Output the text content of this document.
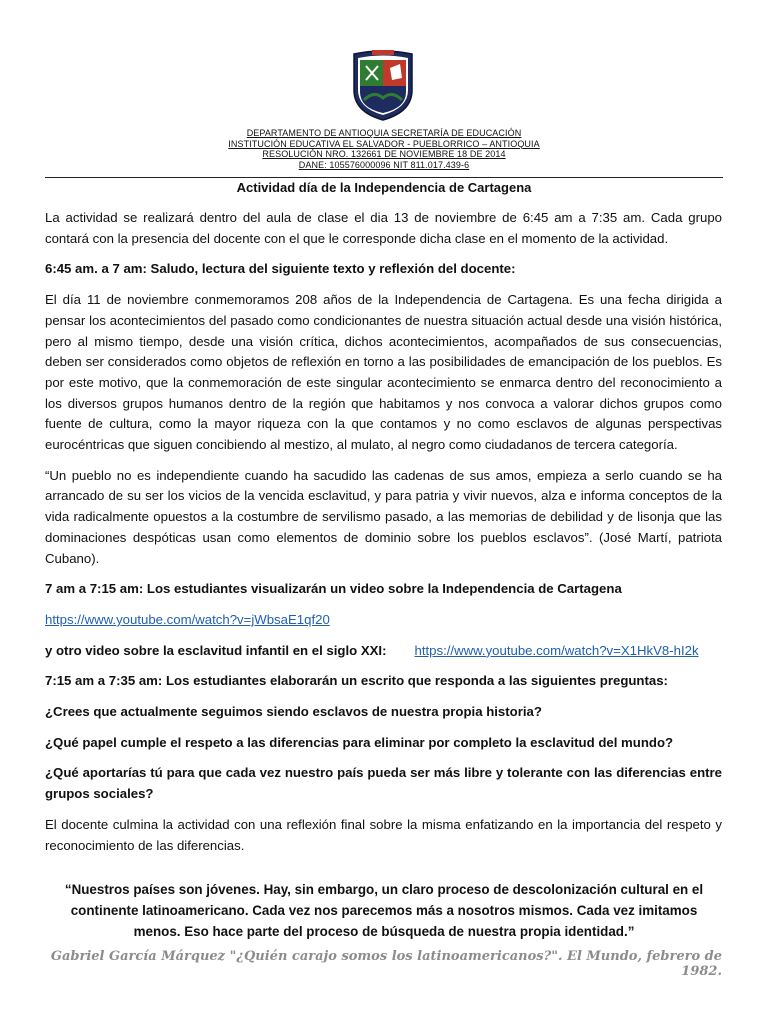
DEPARTAMENTO DE ANTIOQUIA SECRETARÍA DE EDUCACIÓN
INSTITUCIÓN EDUCATIVA EL SALVADOR - PUEBLORRICO – ANTIOQUIA
RESOLUCIÓN NRO. 132661 DE NOVIEMBRE 18 DE 2014
DANE: 105576000096 NIT 811.017.439-6
Actividad día de la Independencia de Cartagena

La actividad se realizará dentro del aula de clase el dia 13 de noviembre de 6:45 am a 7:35 am. Cada grupo contará con la presencia del docente con el que le corresponde dicha clase en el momento de la actividad.

6:45 am. a 7 am: Saludo, lectura del siguiente texto y reflexión del docente:

El día 11 de noviembre conmemoramos 208 años de la Independencia de Cartagena. Es una fecha dirigida a pensar los acontecimientos del pasado como condicionantes de nuestra situación actual desde una visión histórica, pero al mismo tiempo, desde una visión crítica, dichos acontecimientos, acompañados de sus consecuencias, deben ser considerados como objetos de reflexión en torno a las posibilidades de emancipación de los pueblos. Es por este motivo, que la conmemoración de este singular acontecimiento se enmarca dentro del reconocimiento a los diversos grupos humanos dentro de la región que habitamos y nos convoca a valorar dichos grupos como fuente de cultura, como la mayor riqueza con la que contamos y no como esclavos de algunas perspectivas eurocéntricas que siguen concibiendo al mestizo, al mulato, al negro como ciudadanos de tercera categoría.

“Un pueblo no es independiente cuando ha sacudido las cadenas de sus amos, empieza a serlo cuando se ha arrancado de su ser los vicios de la vencida esclavitud, y para patria y vivir nuevos, alza e informa conceptos de la vida radicalmente opuestos a la costumbre de servilismo pasado, a las memorias de debilidad y de lisonja que las dominaciones despóticas usan como elementos de dominio sobre los pueblos esclavos”. (José Martí, patriota Cubano).

7 am a 7:15 am: Los estudiantes visualizarán un video sobre la Independencia de Cartagena

https://www.youtube.com/watch?v=jWbsaE1qf20

y otro video sobre la esclavitud infantil en el siglo XXI: https://www.youtube.com/watch?v=X1HkV8-hI2k

7:15 am a 7:35 am: Los estudiantes elaborarán un escrito que responda a las siguientes preguntas:

¿Crees que actualmente seguimos siendo esclavos de nuestra propia historia?

¿Qué papel cumple el respeto a las diferencias para eliminar por completo la esclavitud del mundo?

¿Qué aportarías tú para que cada vez nuestro país pueda ser más libre y tolerante con las diferencias entre grupos sociales?

El docente culmina la actividad con una reflexión final sobre la misma enfatizando en la importancia del respeto y reconocimiento de las diferencias.

“Nuestros países son jóvenes. Hay, sin embargo, un claro proceso de descolonización cultural en el continente latinoamericano. Cada vez nos parecemos más a nosotros mismos. Cada vez imitamos menos. Eso hace parte del proceso de búsqueda de nuestra propia identidad.”
Gabriel García Márquez "¿Quién carajo somos los latinoamericanos?". El Mundo, febrero de 1982.
